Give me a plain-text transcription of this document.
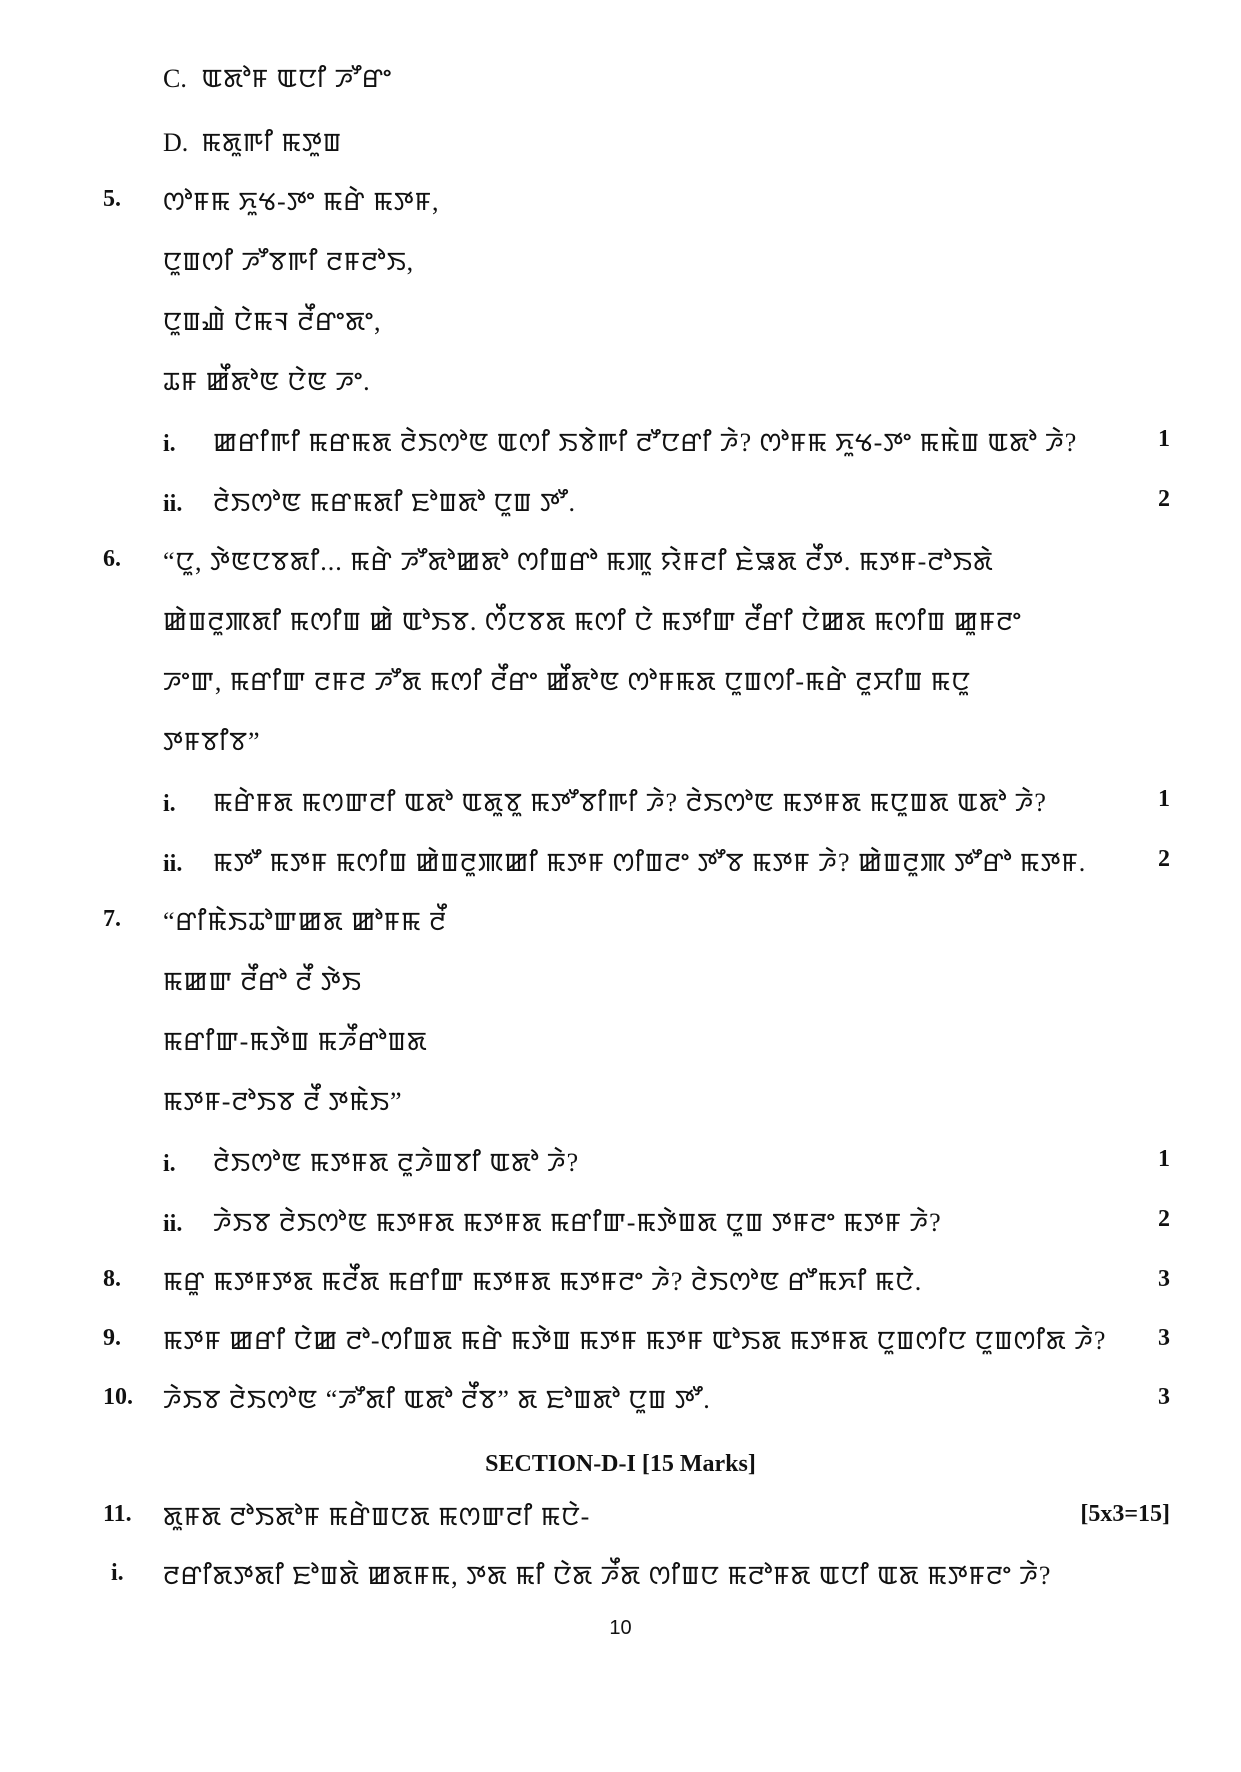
C. ꯑꯗꯣꯝ ꯑꯅꯤ ꯍꯧꯔꯦ
D. ꯃꯗꯨꯒꯤ ꯃꯇꯨꯡ
5. ꯁꯣꯝꯃ ꯈꯨꯠ-ꯇꯦ ꯃꯔꯥ ꯃꯇꯝ,
ꯅꯨꯡꯁꯤ ꯍꯧꯕꯒꯤ ꯂꯝꯂꯣꯏ,
ꯅꯨꯡꯉꯥ ꯅꯥꯃꯜ ꯂꯩꯔꯦꯗꯦ,
ꯊꯝ ꯀꯩꯗꯣꯟ ꯅꯥꯟ ꯍꯦ.
i. ꯀꯔꯤꯒꯤ ꯃꯔꯃꯗ ꯂꯥꯏꯁꯣꯟ ꯑꯁꯤ ꯏꯕꯥꯒꯤ ꯂꯧꯅꯔꯤ ꯍꯥ? ꯁꯣꯝꯃ ꯈꯨꯠ-ꯇꯦ ꯃꯃꯥꯡ ꯑꯗꯣ ꯍꯥ?	1
ii. ꯂꯥꯏꯁꯣꯟ ꯃꯔꯃꯗꯤ ꯐꯣꯡꯗꯣ ꯅꯨꯡ ꯇꯧ.	2
6. “ꯅꯨ, ꯇꯥꯟꯅꯕꯗꯤ... ꯃꯔꯥ ꯍꯧꯗꯣꯀꯗꯣ ꯁꯤꯡꯔꯣ ꯃꯄꯨ ꯌꯥꯝꯂꯤ ꯐꯥꯎꯗ ꯂꯩꯇ. ꯃꯇꯝ-ꯂꯣꯏꯗꯥ
ꯀꯥꯡꯂꯨꯄꯗꯤ ꯃꯁꯤꯡ ꯀꯥ ꯑꯣꯏꯕ. ꯁꯩꯅꯕꯗ ꯃꯁꯤ ꯅꯥ ꯃꯇꯤꯛ ꯂꯩꯔꯤ ꯅꯥꯀꯗ ꯃꯁꯤꯡ ꯀꯨꯝꯂꯦ
ꯍꯦꯛ, ꯃꯔꯤꯛ ꯂꯝꯂ ꯍꯧꯗ ꯃꯁꯤ ꯂꯩꯔꯦ ꯀꯩꯗꯣꯟ ꯁꯣꯝꯃꯗ ꯅꯨꯡꯁꯤ-ꯃꯔꯥ ꯂꯨꯆꯤꯡ ꯃꯅꯨ
ꯇꯝꯕꯤꯕ”
i. ꯃꯔꯥꯝꯗ ꯃꯁꯛꯂꯤ ꯑꯗꯣ ꯑꯗꯨꯕꯨ ꯃꯇꯧꯕꯤꯒꯤ ꯍꯥ? ꯂꯥꯏꯁꯣꯟ ꯃꯇꯝꯗ ꯃꯅꯨꯡꯗ ꯑꯗꯣ ꯍꯥ?	1
ii. ꯃꯇꯧ ꯃꯇꯝ ꯃꯁꯤꯡ ꯀꯥꯡꯂꯨꯄꯀꯤ ꯃꯇꯝ ꯁꯤꯡꯂꯦ ꯇꯧꯕ ꯃꯇꯝ ꯍꯥ? ꯀꯥꯡꯂꯨꯄ ꯇꯧꯔꯣ ꯃꯇꯝ.	2
7. “ꯔꯤꯃꯥꯏꯊꯣꯛꯀꯗ ꯀꯣꯝꯃ ꯂꯩ
ꯃꯀꯛ ꯂꯩꯔꯣ ꯂꯩ ꯇꯥꯏ
ꯃꯔꯤꯛ-ꯃꯇꯥꯡ ꯃꯍꯩꯔꯣꯡꯗ
ꯃꯇꯝ-ꯂꯣꯏꯕ ꯂꯩ ꯇꯃꯥꯏ”
i. ꯂꯥꯏꯁꯣꯟ ꯃꯇꯝꯗ ꯂꯨꯍꯥꯡꯕꯤ ꯑꯗꯣ ꯍꯥ?	1
ii. ꯍꯥꯏꯕ ꯂꯥꯏꯁꯣꯟ ꯃꯇꯝꯗ ꯃꯇꯝꯗ ꯃꯔꯤꯛ-ꯃꯇꯥꯡꯗ ꯅꯨꯡ ꯇꯝꯂꯦ ꯃꯇꯝ ꯍꯥ?	2
8. ꯃꯔꯨ ꯃꯇꯝꯇꯗ ꯃꯂꯩꯗ ꯃꯔꯤꯛ ꯃꯇꯝꯗ ꯃꯇꯝꯂꯦ ꯍꯥ? ꯂꯥꯏꯁꯣꯟ ꯔꯧꯃꯈꯤ ꯃꯅꯥ.	3
9. ꯃꯇꯝ ꯀꯔꯤ ꯅꯥꯀ ꯂꯣ-ꯁꯤꯡꯗ ꯃꯔꯥ ꯃꯇꯥꯡ ꯃꯇꯝ ꯃꯇꯝ ꯑꯣꯏꯗ ꯃꯇꯝꯗ ꯅꯨꯡꯁꯤꯅ ꯅꯨꯡꯁꯤꯗ ꯍꯥ? 3
10. ꯍꯥꯏꯕ ꯂꯥꯏꯁꯣꯟ “ꯍꯧꯗꯤ ꯑꯗꯣ ꯂꯩꯕ” ꯗ ꯐꯣꯡꯗꯣ ꯅꯨꯡ ꯇꯧ.	3
SECTION-D-I [15 Marks]
11. ꯗꯨꯝꯗ ꯂꯣꯏꯗꯣꯝ ꯃꯔꯥꯡꯅꯗ ꯃꯁꯛꯂꯤ ꯃꯅꯥ-	[5x3=15]
i. ꯂꯔꯤꯗꯇꯗꯤ ꯐꯣꯡꯗꯥ ꯀꯗꯝꯃ, ꯇꯗ ꯃꯤ ꯅꯥꯗ ꯍꯩꯗ ꯁꯤꯡꯅ ꯃꯂꯣꯝꯗ ꯑꯅꯤ ꯑꯗ ꯃꯇꯝꯂꯦ ꯍꯥ?
10
